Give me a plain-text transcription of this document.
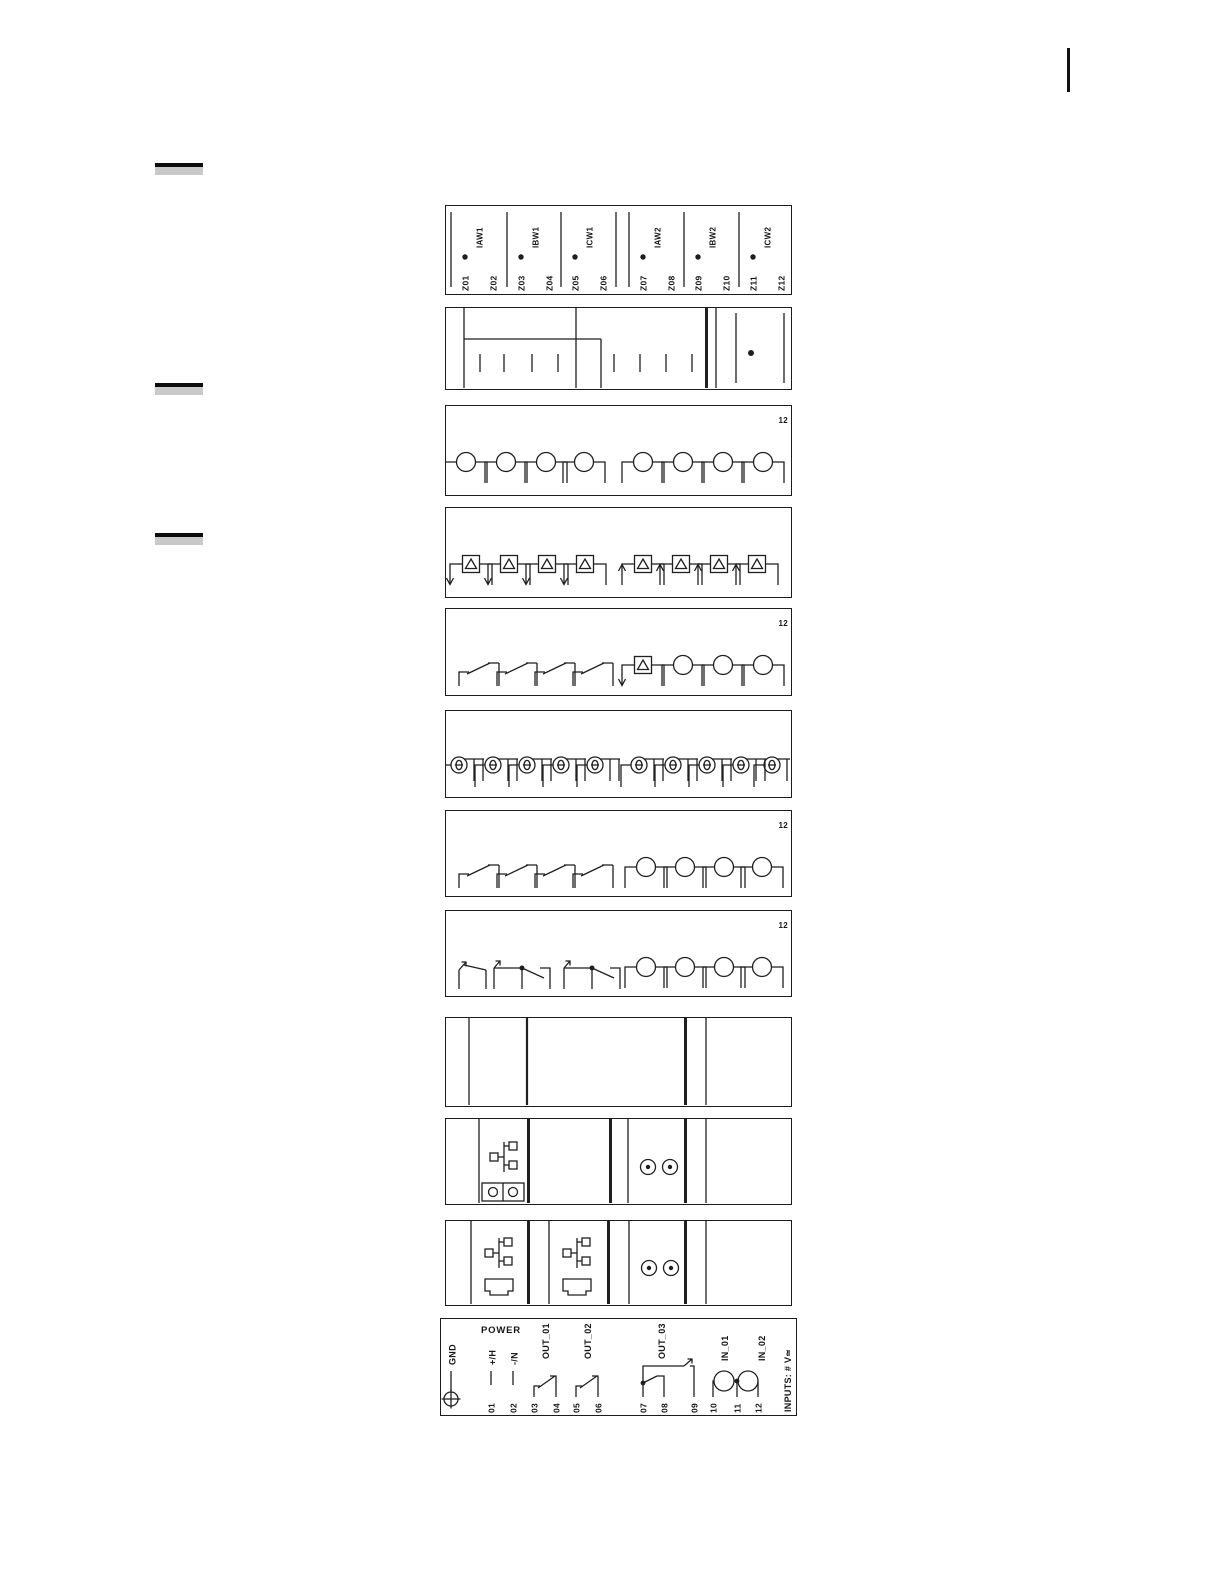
Z01
IAW1
Z02 Z03
IBW1
Z04 Z05
ICW1
Z06	Z07
IAW2
Z08 Z09
IBW2
Z10 Z11
ICW2
Z12
12
12
12
12
POWER
GND	+/H -/N OUT_01	OUT_02	OUT_03	IN_01	IN_02
INPUTS: # V≃
01 02 03 04 05 06	07 08 09 10 11 12
